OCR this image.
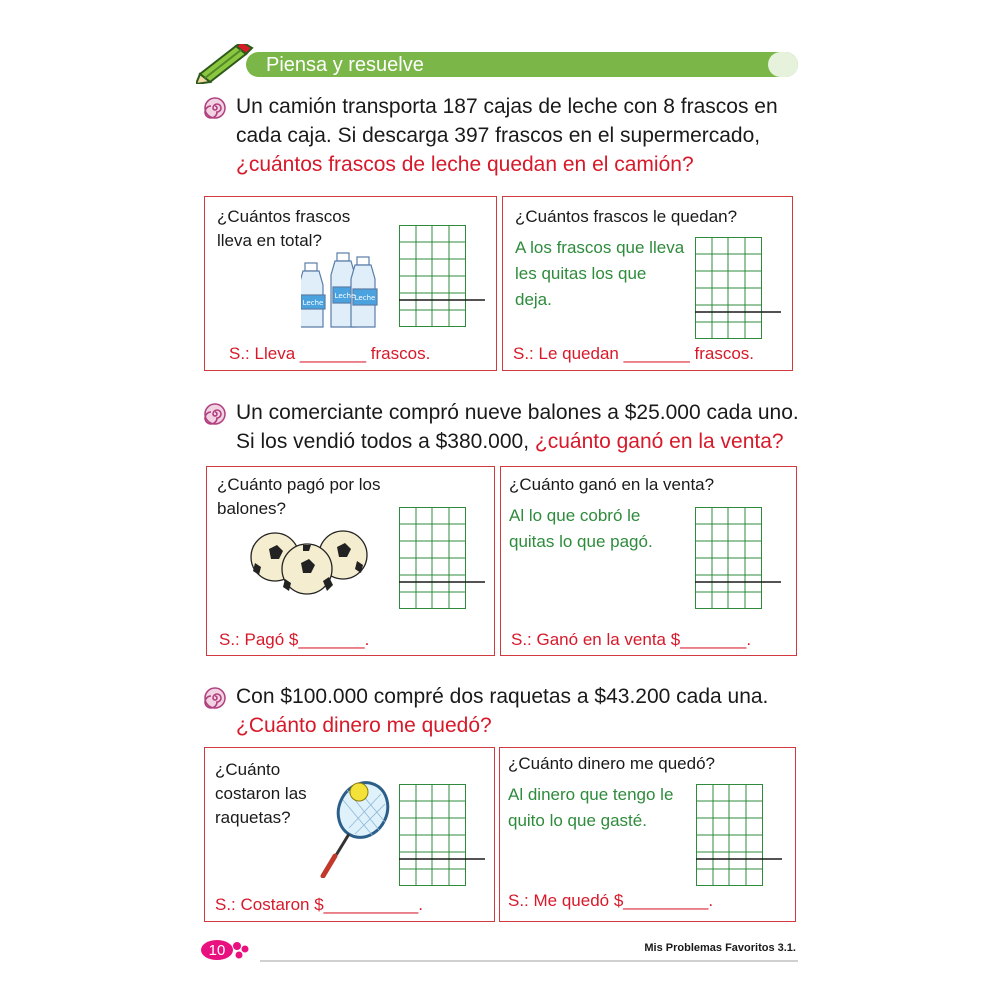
Piensa y resuelve
Un camión transporta 187 cajas de leche con 8 frascos en cada caja. Si descarga 397 frascos en el supermercado,
¿cuántos frascos de leche quedan en el camión?
¿Cuántos frascos lleva en total?
Leche
Leche Leche
S.: Lleva _______ frascos.
¿Cuántos frascos le quedan?
A los frascos que lleva les quitas los que deja.
S.: Le quedan _______ frascos.
Un comerciante compró nueve balones a $25.000 cada uno. Si los vendió todos a $380.000, ¿cuánto ganó en la venta?
¿Cuánto pagó por los balones?
S.: Pagó $_______.
¿Cuánto ganó en la venta?
Al lo que cobró le quitas lo que pagó.
S.: Ganó en la venta $_______.
Con $100.000 compré dos raquetas a $43.200 cada una.
¿Cuánto dinero me quedó?
¿Cuánto costaron las raquetas?
S.: Costaron $__________.
¿Cuánto dinero me quedó?
Al dinero que tengo le quito lo que gasté.
S.: Me quedó $_________.
10	Mis Problemas Favoritos 3.1.
